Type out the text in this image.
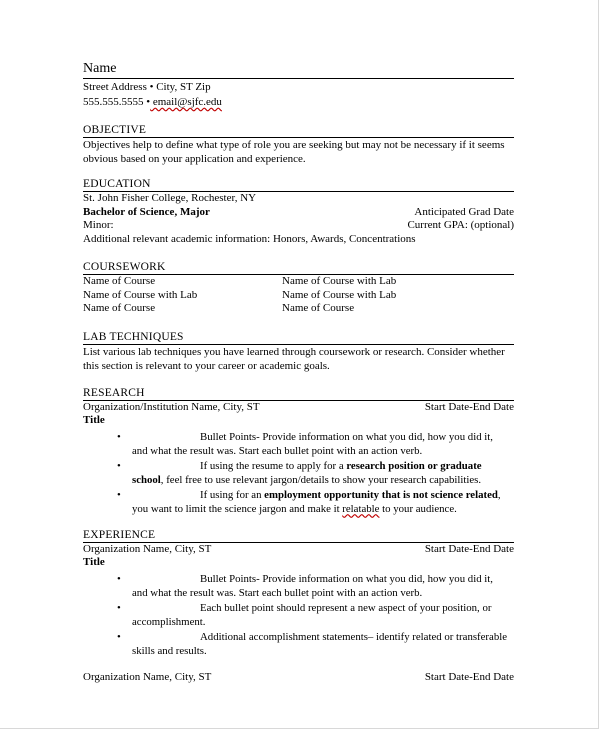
Name
Street Address • City, ST Zip
555.555.5555 • email@sjfc.edu
OBJECTIVE
Objectives help to define what type of role you are seeking but may not be necessary if it seems obvious based on your application and experience.
EDUCATION
St. John Fisher College, Rochester, NY
Bachelor of Science, Major	Anticipated Grad Date
Minor:	Current GPA: (optional)
Additional relevant academic information: Honors, Awards, Concentrations
COURSEWORK
Name of Course	Name of Course with Lab
Name of Course with Lab	Name of Course with Lab
Name of Course	Name of Course
LAB TECHNIQUES
List various lab techniques you have learned through coursework or research. Consider whether this section is relevant to your career or academic goals.
RESEARCH
Organization/Institution Name, City, ST	Start Date-End Date
Title
•	Bullet Points- Provide information on what you did, how you did it,
and what the result was. Start each bullet point with an action verb.
•	If using the resume to apply for a research position or graduate
school, feel free to use relevant jargon/details to show your research capabilities.
•	If using for an employment opportunity that is not science related,
you want to limit the science jargon and make it relatable to your audience.
EXPERIENCE
Organization Name, City, ST	Start Date-End Date
Title
•	Bullet Points- Provide information on what you did, how you did it,
and what the result was. Start each bullet point with an action verb.
•	Each bullet point should represent a new aspect of your position, or
accomplishment.
•	Additional accomplishment statements– identify related or transferable
skills and results.
Organization Name, City, ST	Start Date-End Date
